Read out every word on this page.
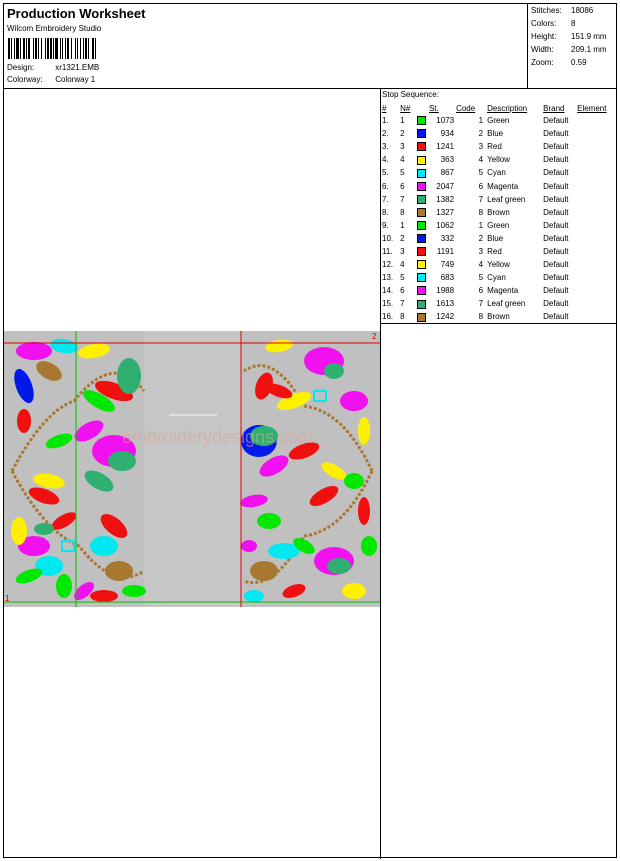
Production Worksheet
Wilcom Embroidery Studio
Design:	xr1321.EMB
Colorway: Colorway 1
Stitches: 18086
Colors: 8
Height: 151.9 mm
Width: 209.1 mm
Zoom: 0.59
Stop Sequence:
#	N#		St.	Code	Description	Brand	Element
1.	1		1073	1	Green	Default	
2.	2		934	2	Blue	Default	
3.	3		1241	3	Red	Default	
4.	4		363	4	Yellow	Default	
5.	5		867	5	Cyan	Default	
6.	6		2047	6	Magenta	Default	
7.	7		1382	7	Leaf green	Default	
8.	8		1327	8	Brown	Default	
9.	1		1062	1	Green	Default	
10.	2		332	2	Blue	Default	
11.	3		1191	3	Red	Default	
12.	4		749	4	Yellow	Default	
13.	5		683	5	Cyan	Default	
14.	6		1988	6	Magenta	Default	
15.	7		1613	7	Leaf green	Default	
16.	8		1242	8	Brown	Default	
embroiderydesigns.com
1
2
